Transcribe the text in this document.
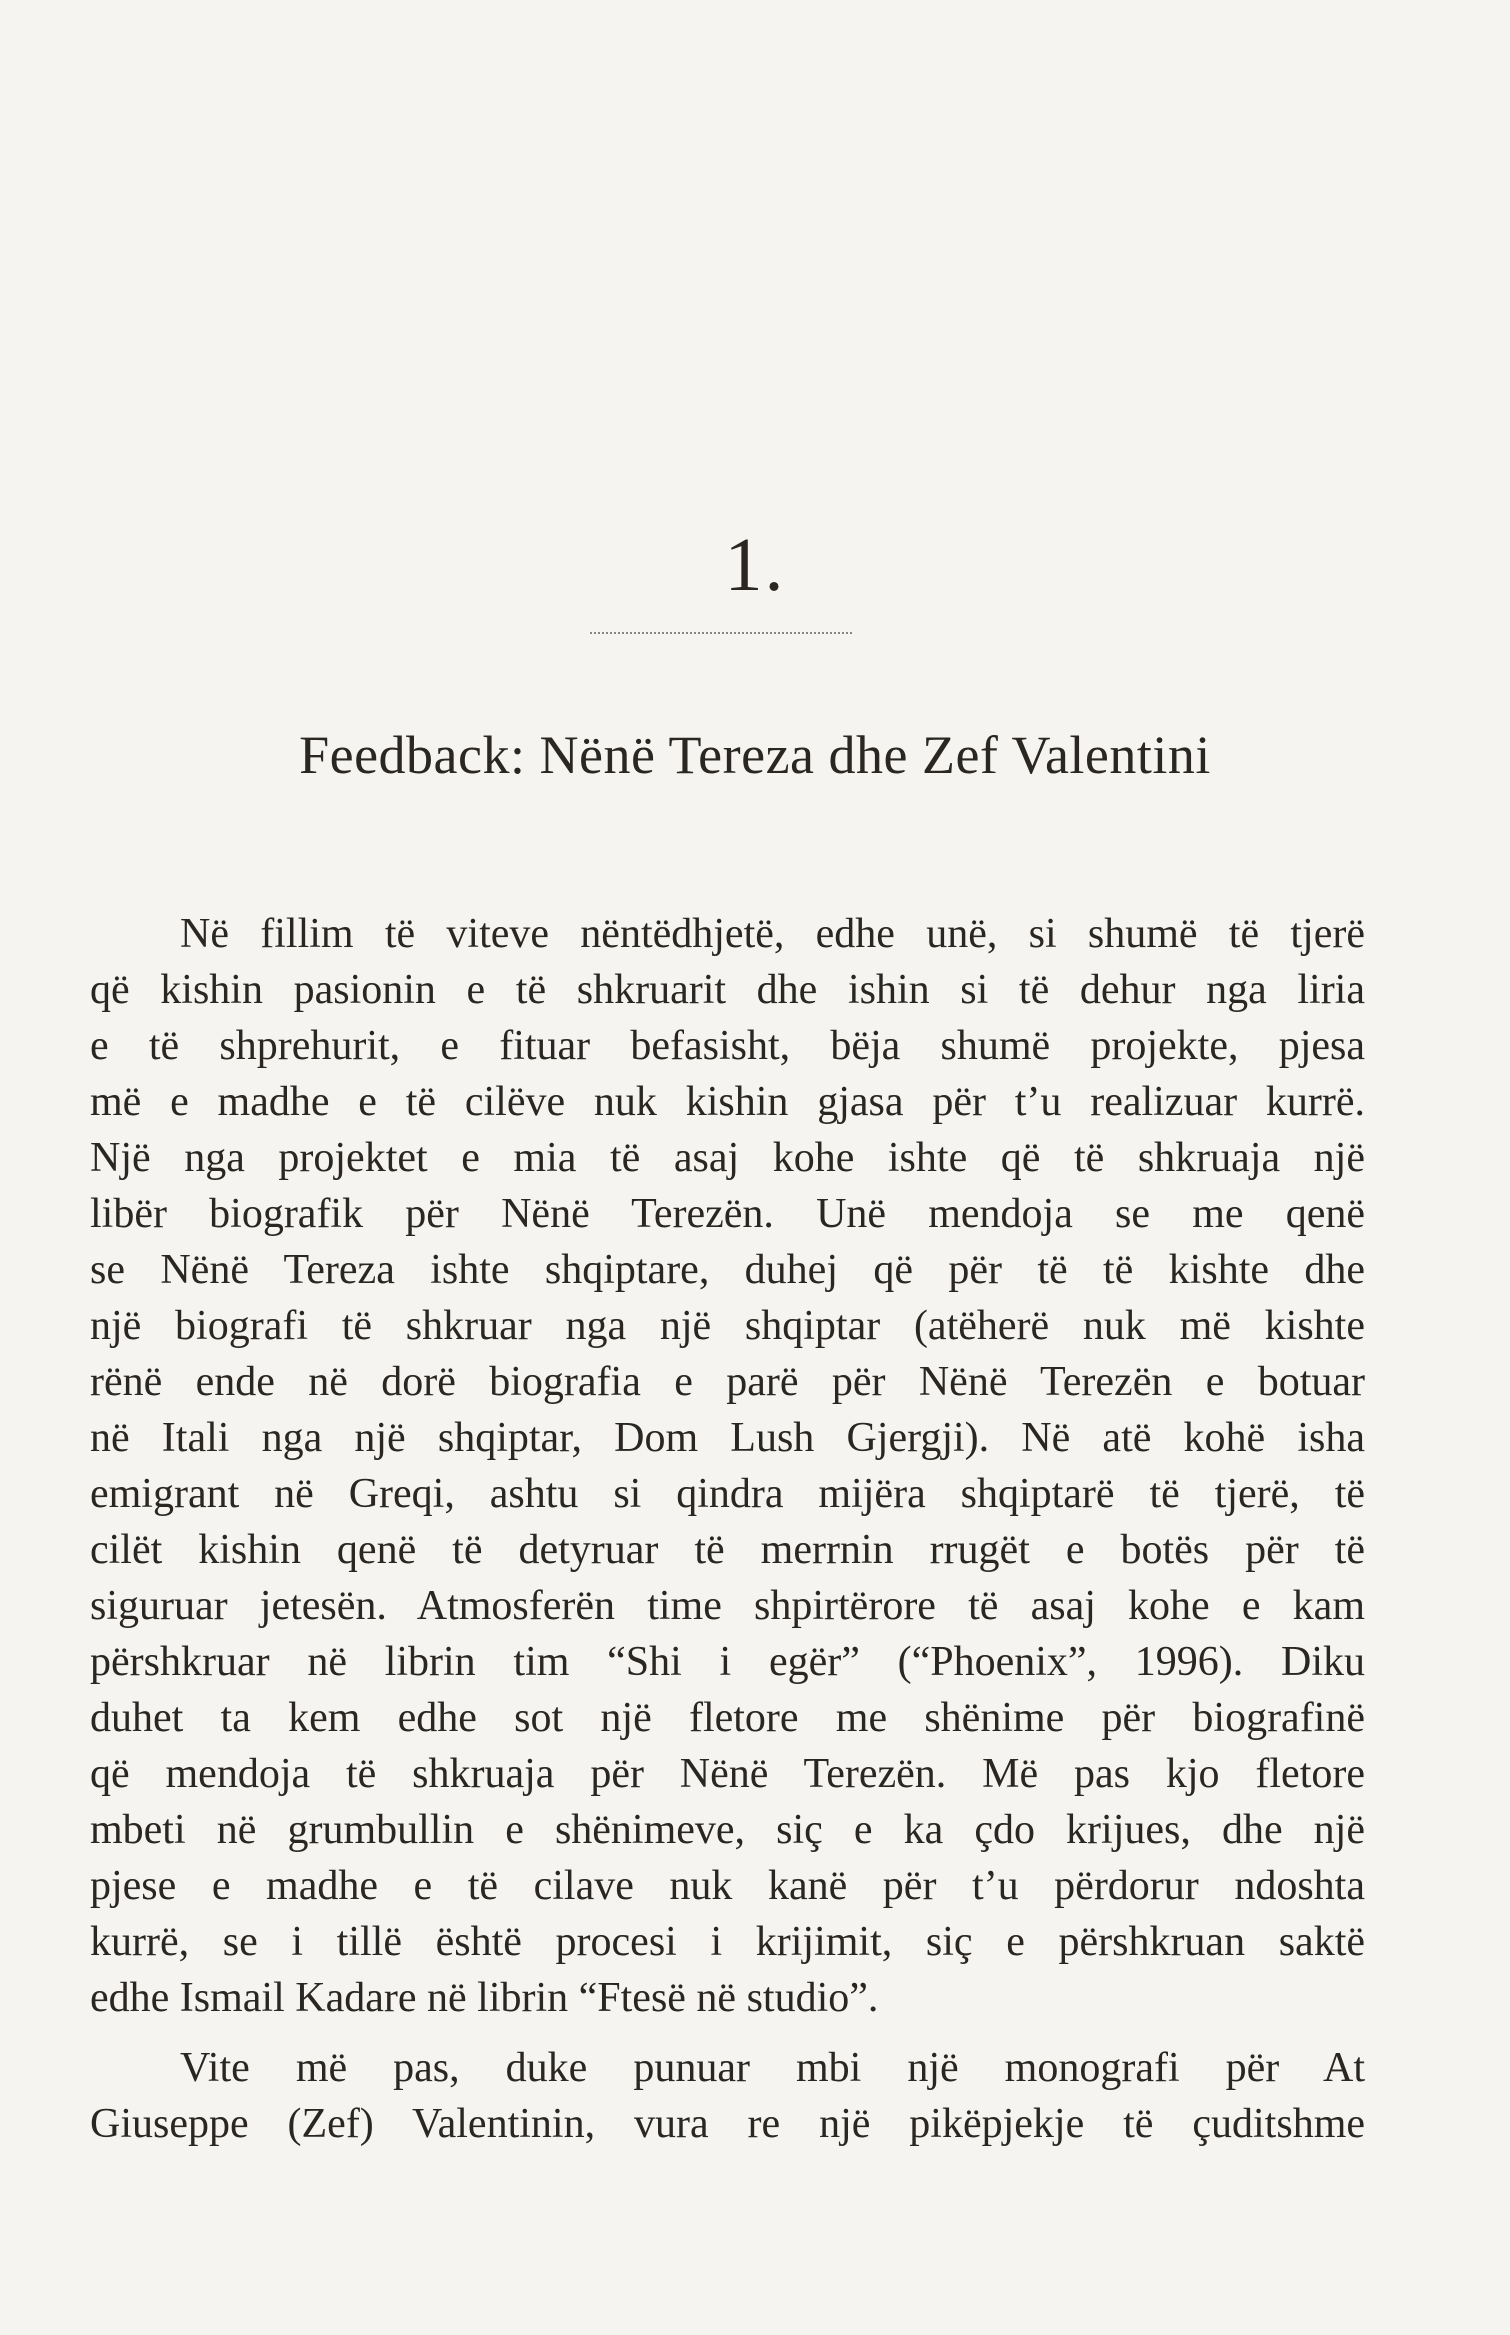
1.
Feedback: Nënë Tereza dhe Zef Valentini
Në fillim të viteve nëntëdhjetë, edhe unë, si shumë të tjerë
që kishin pasionin e të shkruarit dhe ishin si të dehur nga liria
e të shprehurit, e fituar befasisht, bëja shumë projekte, pjesa
më e madhe e të cilëve nuk kishin gjasa për t’u realizuar kurrë.
Një nga projektet e mia të asaj kohe ishte që të shkruaja një
libër biografik për Nënë Terezën. Unë mendoja se me qenë
se Nënë Tereza ishte shqiptare, duhej që për të të kishte dhe
një biografi të shkruar nga një shqiptar (atëherë nuk më kishte
rënë ende në dorë biografia e parë për Nënë Terezën e botuar
në Itali nga një shqiptar, Dom Lush Gjergji). Në atë kohë isha
emigrant në Greqi, ashtu si qindra mijëra shqiptarë të tjerë, të
cilët kishin qenë të detyruar të merrnin rrugët e botës për të
siguruar jetesën. Atmosferën time shpirtërore të asaj kohe e kam
përshkruar në librin tim “Shi i egër” (“Phoenix”, 1996). Diku
duhet ta kem edhe sot një fletore me shënime për biografinë
që mendoja të shkruaja për Nënë Terezën. Më pas kjo fletore
mbeti në grumbullin e shënimeve, siç e ka çdo krijues, dhe një
pjese e madhe e të cilave nuk kanë për t’u përdorur ndoshta
kurrë, se i tillë është procesi i krijimit, siç e përshkruan saktë
edhe Ismail Kadare në librin “Ftesë në studio”.
Vite më pas, duke punuar mbi një monografi për At
Giuseppe (Zef) Valentinin, vura re një pikëpjekje të çuditshme
